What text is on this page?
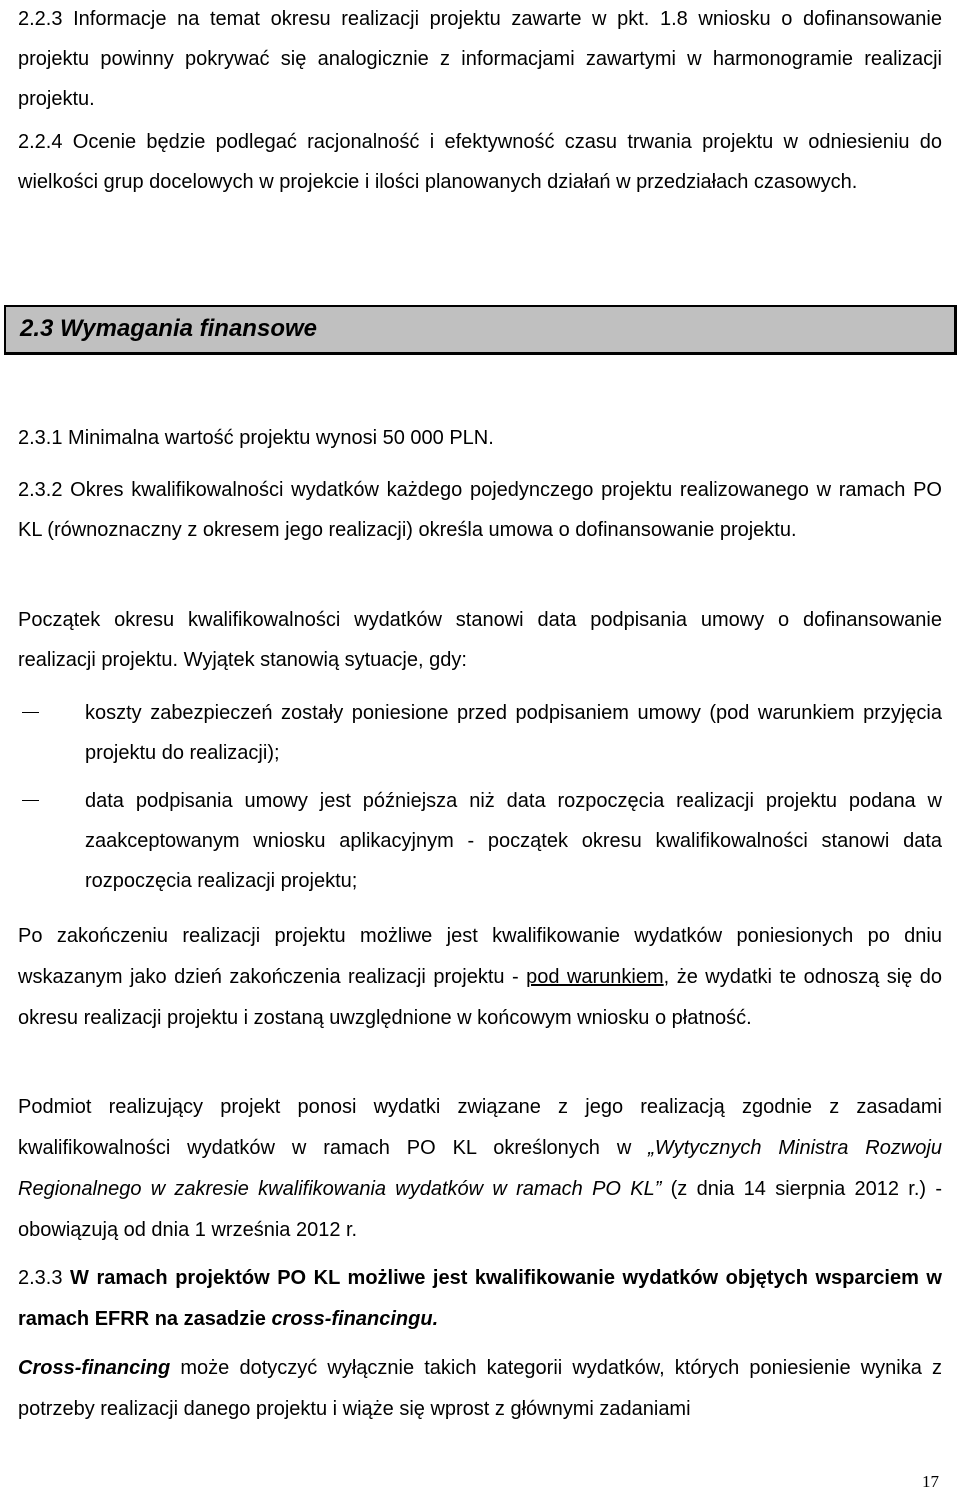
2.2.3 Informacje na temat okresu realizacji projektu zawarte w pkt. 1.8 wniosku o dofinansowanie projektu powinny pokrywać się analogicznie z informacjami zawartymi w harmonogramie realizacji projektu.

2.2.4 Ocenie będzie podlegać racjonalność i efektywność czasu trwania projektu w odniesieniu do wielkości grup docelowych w projekcie i ilości planowanych działań w przedziałach czasowych.

2.3 Wymagania finansowe

2.3.1 Minimalna wartość projektu wynosi 50 000 PLN.

2.3.2 Okres kwalifikowalności wydatków każdego pojedynczego projektu realizowanego w ramach PO KL (równoznaczny z okresem jego realizacji) określa umowa o dofinansowanie projektu.

Początek okresu kwalifikowalności wydatków stanowi data podpisania umowy o dofinansowanie realizacji projektu. Wyjątek stanowią sytuacje, gdy:

koszty zabezpieczeń zostały poniesione przed podpisaniem umowy (pod warunkiem przyjęcia projektu do realizacji);

data podpisania umowy jest późniejsza niż data rozpoczęcia realizacji projektu podana w zaakceptowanym wniosku aplikacyjnym - początek okresu kwalifikowalności stanowi data rozpoczęcia realizacji projektu;

Po zakończeniu realizacji projektu możliwe jest kwalifikowanie wydatków poniesionych po dniu wskazanym jako dzień zakończenia realizacji projektu - pod warunkiem, że wydatki te odnoszą się do okresu realizacji projektu i zostaną uwzględnione w końcowym wniosku o płatność.

Podmiot realizujący projekt ponosi wydatki związane z jego realizacją zgodnie z zasadami kwalifikowalności wydatków w ramach PO KL określonych w „Wytycznych Ministra Rozwoju Regionalnego w zakresie kwalifikowania wydatków w ramach PO KL” (z dnia 14 sierpnia 2012 r.) - obowiązują od dnia 1 września 2012 r.

2.3.3 W ramach projektów PO KL możliwe jest kwalifikowanie wydatków objętych wsparciem w ramach EFRR na zasadzie cross-financingu.

Cross-financing może dotyczyć wyłącznie takich kategorii wydatków, których poniesienie wynika z potrzeby realizacji danego projektu i wiąże się wprost z głównymi zadaniami

17
